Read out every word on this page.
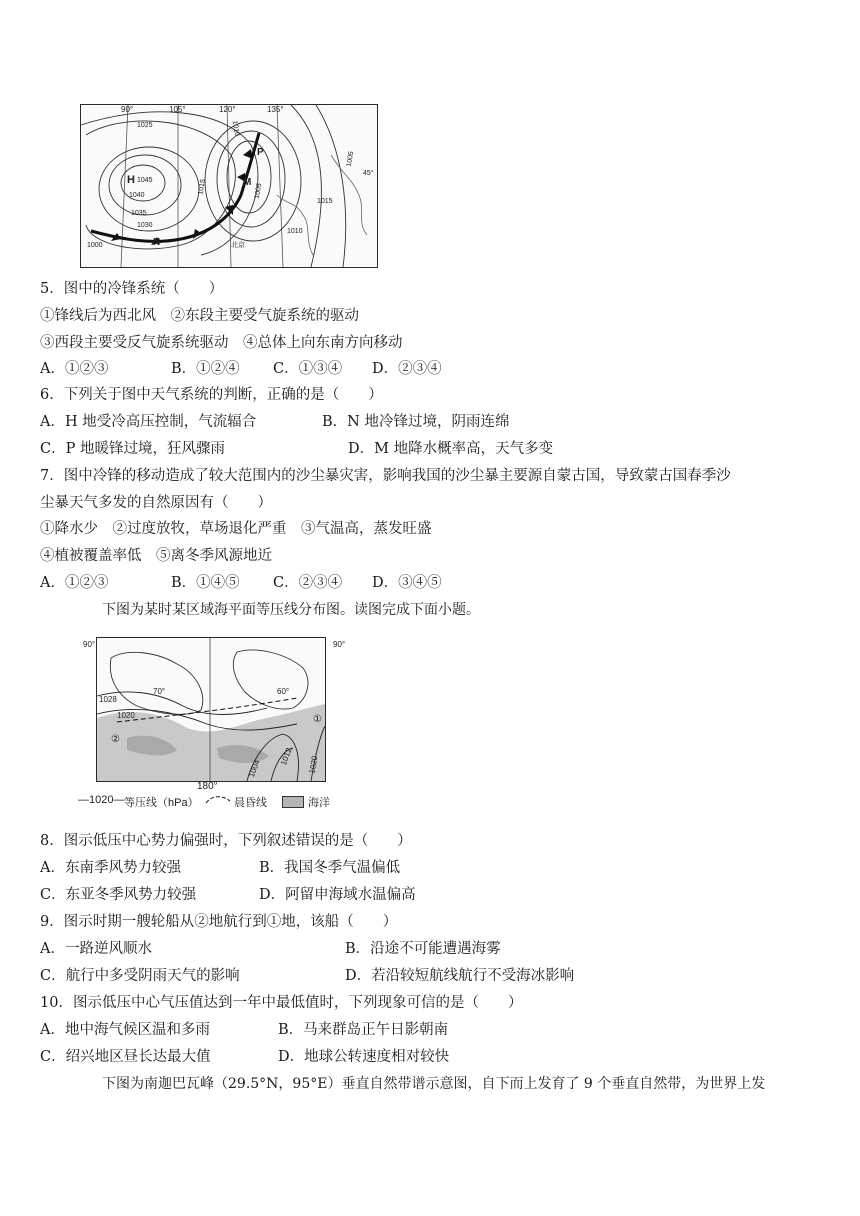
90°	105°	120°	135°
45°
1025
1040
1035
1030
1015
1010
1005
1000
1015
1010
1005
H 1045
P
M
N	北京
5．图中的冷锋系统（　　）
①锋线后为西北风　②东段主要受气旋系统的驱动
③西段主要受反气旋系统驱动　④总体上向东南方向移动
A．①②③	B．①②④ C．①③④ D．②③④
6．下列关于图中天气系统的判断，正确的是（　　）
A．H 地受冷高压控制，气流辐合	B．N 地冷锋过境，阴雨连绵
C．P 地暖锋过境，狂风骤雨	D．M 地降水概率高，天气多变
7．图中冷锋的移动造成了较大范围内的沙尘暴灾害，影响我国的沙尘暴主要源自蒙古国，导致蒙古国春季沙
尘暴天气多发的自然原因有（　　）
①降水少　②过度放牧，草场退化严重　③气温高，蒸发旺盛
④植被覆盖率低　⑤离冬季风源地近
A．①②③	B．①④⑤ C．②③④ D．③④⑤
下图为某时某区域海平面等压线分布图。读图完成下面小题。
90°	90°
70°	60°
1028
1020
1004
1012 1020
①
②
180°
—1020— 等压线（hPa）	晨昏线	海洋
8．图示低压中心势力偏强时，下列叙述错误的是（　　）
A．东南季风势力较强	B．我国冬季气温偏低
C．东亚冬季风势力较强	D．阿留申海域水温偏高
9．图示时期一艘轮船从②地航行到①地，该船（　　）
A．一路逆风顺水	B．沿途不可能遭遇海雾
C．航行中多受阴雨天气的影响	D．若沿较短航线航行不受海冰影响
10．图示低压中心气压值达到一年中最低值时，下列现象可信的是（　　）
A．地中海气候区温和多雨	B．马来群岛正午日影朝南
C．绍兴地区昼长达最大值	D．地球公转速度相对较快
下图为南迦巴瓦峰（29.5°N，95°E）垂直自然带谱示意图，自下而上发育了 9 个垂直自然带，为世界上发
